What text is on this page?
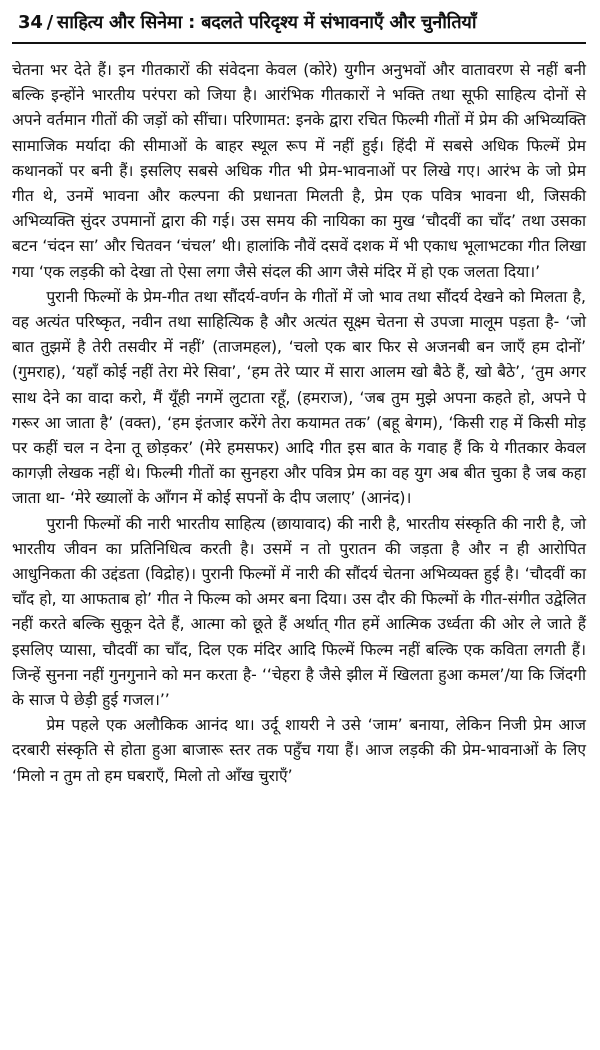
34 / साहित्य और सिनेमा : बदलते परिदृश्य में संभावनाएँ और चुनौतियाँ

चेतना भर देते हैं। इन गीतकारों की संवेदना केवल (कोरे) युगीन अनुभवों और वातावरण से नहीं बनी बल्कि इन्होंने भारतीय परंपरा को जिया है। आरंभिक गीतकारों ने भक्ति तथा सूफी साहित्य दोनों से अपने वर्तमान गीतों की जड़ों को सींचा। परिणामत: इनके द्वारा रचित फिल्मी गीतों में प्रेम की अभिव्यक्ति सामाजिक मर्यादा की सीमाओं के बाहर स्थूल रूप में नहीं हुई। हिंदी में सबसे अधिक फिल्में प्रेम कथानकों पर बनी हैं। इसलिए सबसे अधिक गीत भी प्रेम-भावनाओं पर लिखे गए। आरंभ के जो प्रेम गीत थे, उनमें भावना और कल्पना की प्रधानता मिलती है, प्रेम एक पवित्र भावना थी, जिसकी अभिव्यक्ति सुंदर उपमानों द्वारा की गई। उस समय की नायिका का मुख ‘चौदवीं का चाँद’ तथा उसका बटन ‘चंदन सा’ और चितवन ‘चंचल’ थी। हालांकि नौवें दसवें दशक में भी एकाध भूलाभटका गीत लिखा गया ‘एक लड़की को देखा तो ऐसा लगा जैसे संदल की आग जैसे मंदिर में हो एक जलता दिया।’

पुरानी फिल्मों के प्रेम-गीत तथा सौंदर्य-वर्णन के गीतों में जो भाव तथा सौंदर्य देखने को मिलता है, वह अत्यंत परिष्कृत, नवीन तथा साहित्यिक है और अत्यंत सूक्ष्म चेतना से उपजा मालूम पड़ता है- ‘जो बात तुझमें है तेरी तसवीर में नहीं’ (ताजमहल), ‘चलो एक बार फिर से अजनबी बन जाएँ हम दोनों’ (गुमराह), ‘यहाँ कोई नहीं तेरा मेरे सिवा’, ‘हम तेरे प्यार में सारा आलम खो बैठे हैं, खो बैठे’, ‘तुम अगर साथ देने का वादा करो, मैं यूँही नगमें लुटाता रहूँ, (हमराज), ‘जब तुम मुझे अपना कहते हो, अपने पे गरूर आ जाता है’ (वक्त), ‘हम इंतजार करेंगे तेरा कयामत तक’ (बहू बेगम), ‘किसी राह में किसी मोड़ पर कहीं चल न देना तू छोड़कर’ (मेरे हमसफर) आदि गीत इस बात के गवाह हैं कि ये गीतकार केवल कागज़ी लेखक नहीं थे। फिल्मी गीतों का सुनहरा और पवित्र प्रेम का वह युग अब बीत चुका है जब कहा जाता था- ‘मेरे ख्यालों के आँगन में कोई सपनों के दीप जलाए’ (आनंद)।

पुरानी फिल्मों की नारी भारतीय साहित्य (छायावाद) की नारी है, भारतीय संस्कृति की नारी है, जो भारतीय जीवन का प्रतिनिधित्व करती है। उसमें न तो पुरातन की जड़ता है और न ही आरोपित आधुनिकता की उद्दंडता (विद्रोह)। पुरानी फिल्मों में नारी की सौंदर्य चेतना अभिव्यक्त हुई है। ‘चौदवीं का चाँद हो, या आफताब हो’ गीत ने फिल्म को अमर बना दिया। उस दौर की फिल्मों के गीत-संगीत उद्वेलित नहीं करते बल्कि सुकून देते हैं, आत्मा को छूते हैं अर्थात् गीत हमें आत्मिक उर्ध्वता की ओर ले जाते हैं इसलिए प्यासा, चौदवीं का चाँद, दिल एक मंदिर आदि फिल्में फिल्म नहीं बल्कि एक कविता लगती हैं। जिन्हें सुनना नहीं गुनगुनाने को मन करता है- ‘‘चेहरा है जैसे झील में खिलता हुआ कमल’/या कि जिंदगी के साज पे छेड़ी हुई गजल।’’

प्रेम पहले एक अलौकिक आनंद था। उर्दू शायरी ने उसे ‘जाम’ बनाया, लेकिन निजी प्रेम आज दरबारी संस्कृति से होता हुआ बाजारू स्तर तक पहुँच गया हैं। आज लड़की की प्रेम-भावनाओं के लिए ‘मिलो न तुम तो हम घबराएँ, मिलो तो आँख चुराएँ’
